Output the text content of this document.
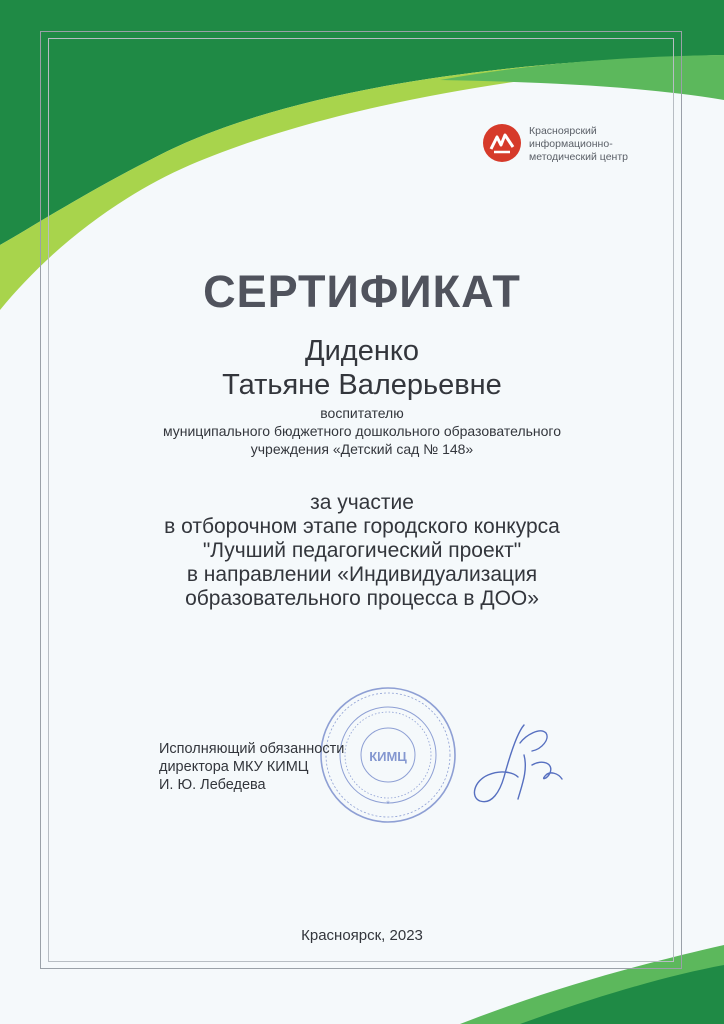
Красноярский
информационно-
методический центр
СЕРТИФИКАТ
Диденко
Татьяне Валерьевне
воспитателю
муниципального бюджетного дошкольного образовательного
учреждения «Детский сад № 148»
за участие
в отборочном этапе городского конкурса
"Лучший педагогический проект"
в направлении «Индивидуализация
образовательного процесса в ДОО»
КИМЦ
*
Исполняющий обязанности
директора МКУ КИМЦ
И. Ю. Лебедева
Красноярск, 2023
